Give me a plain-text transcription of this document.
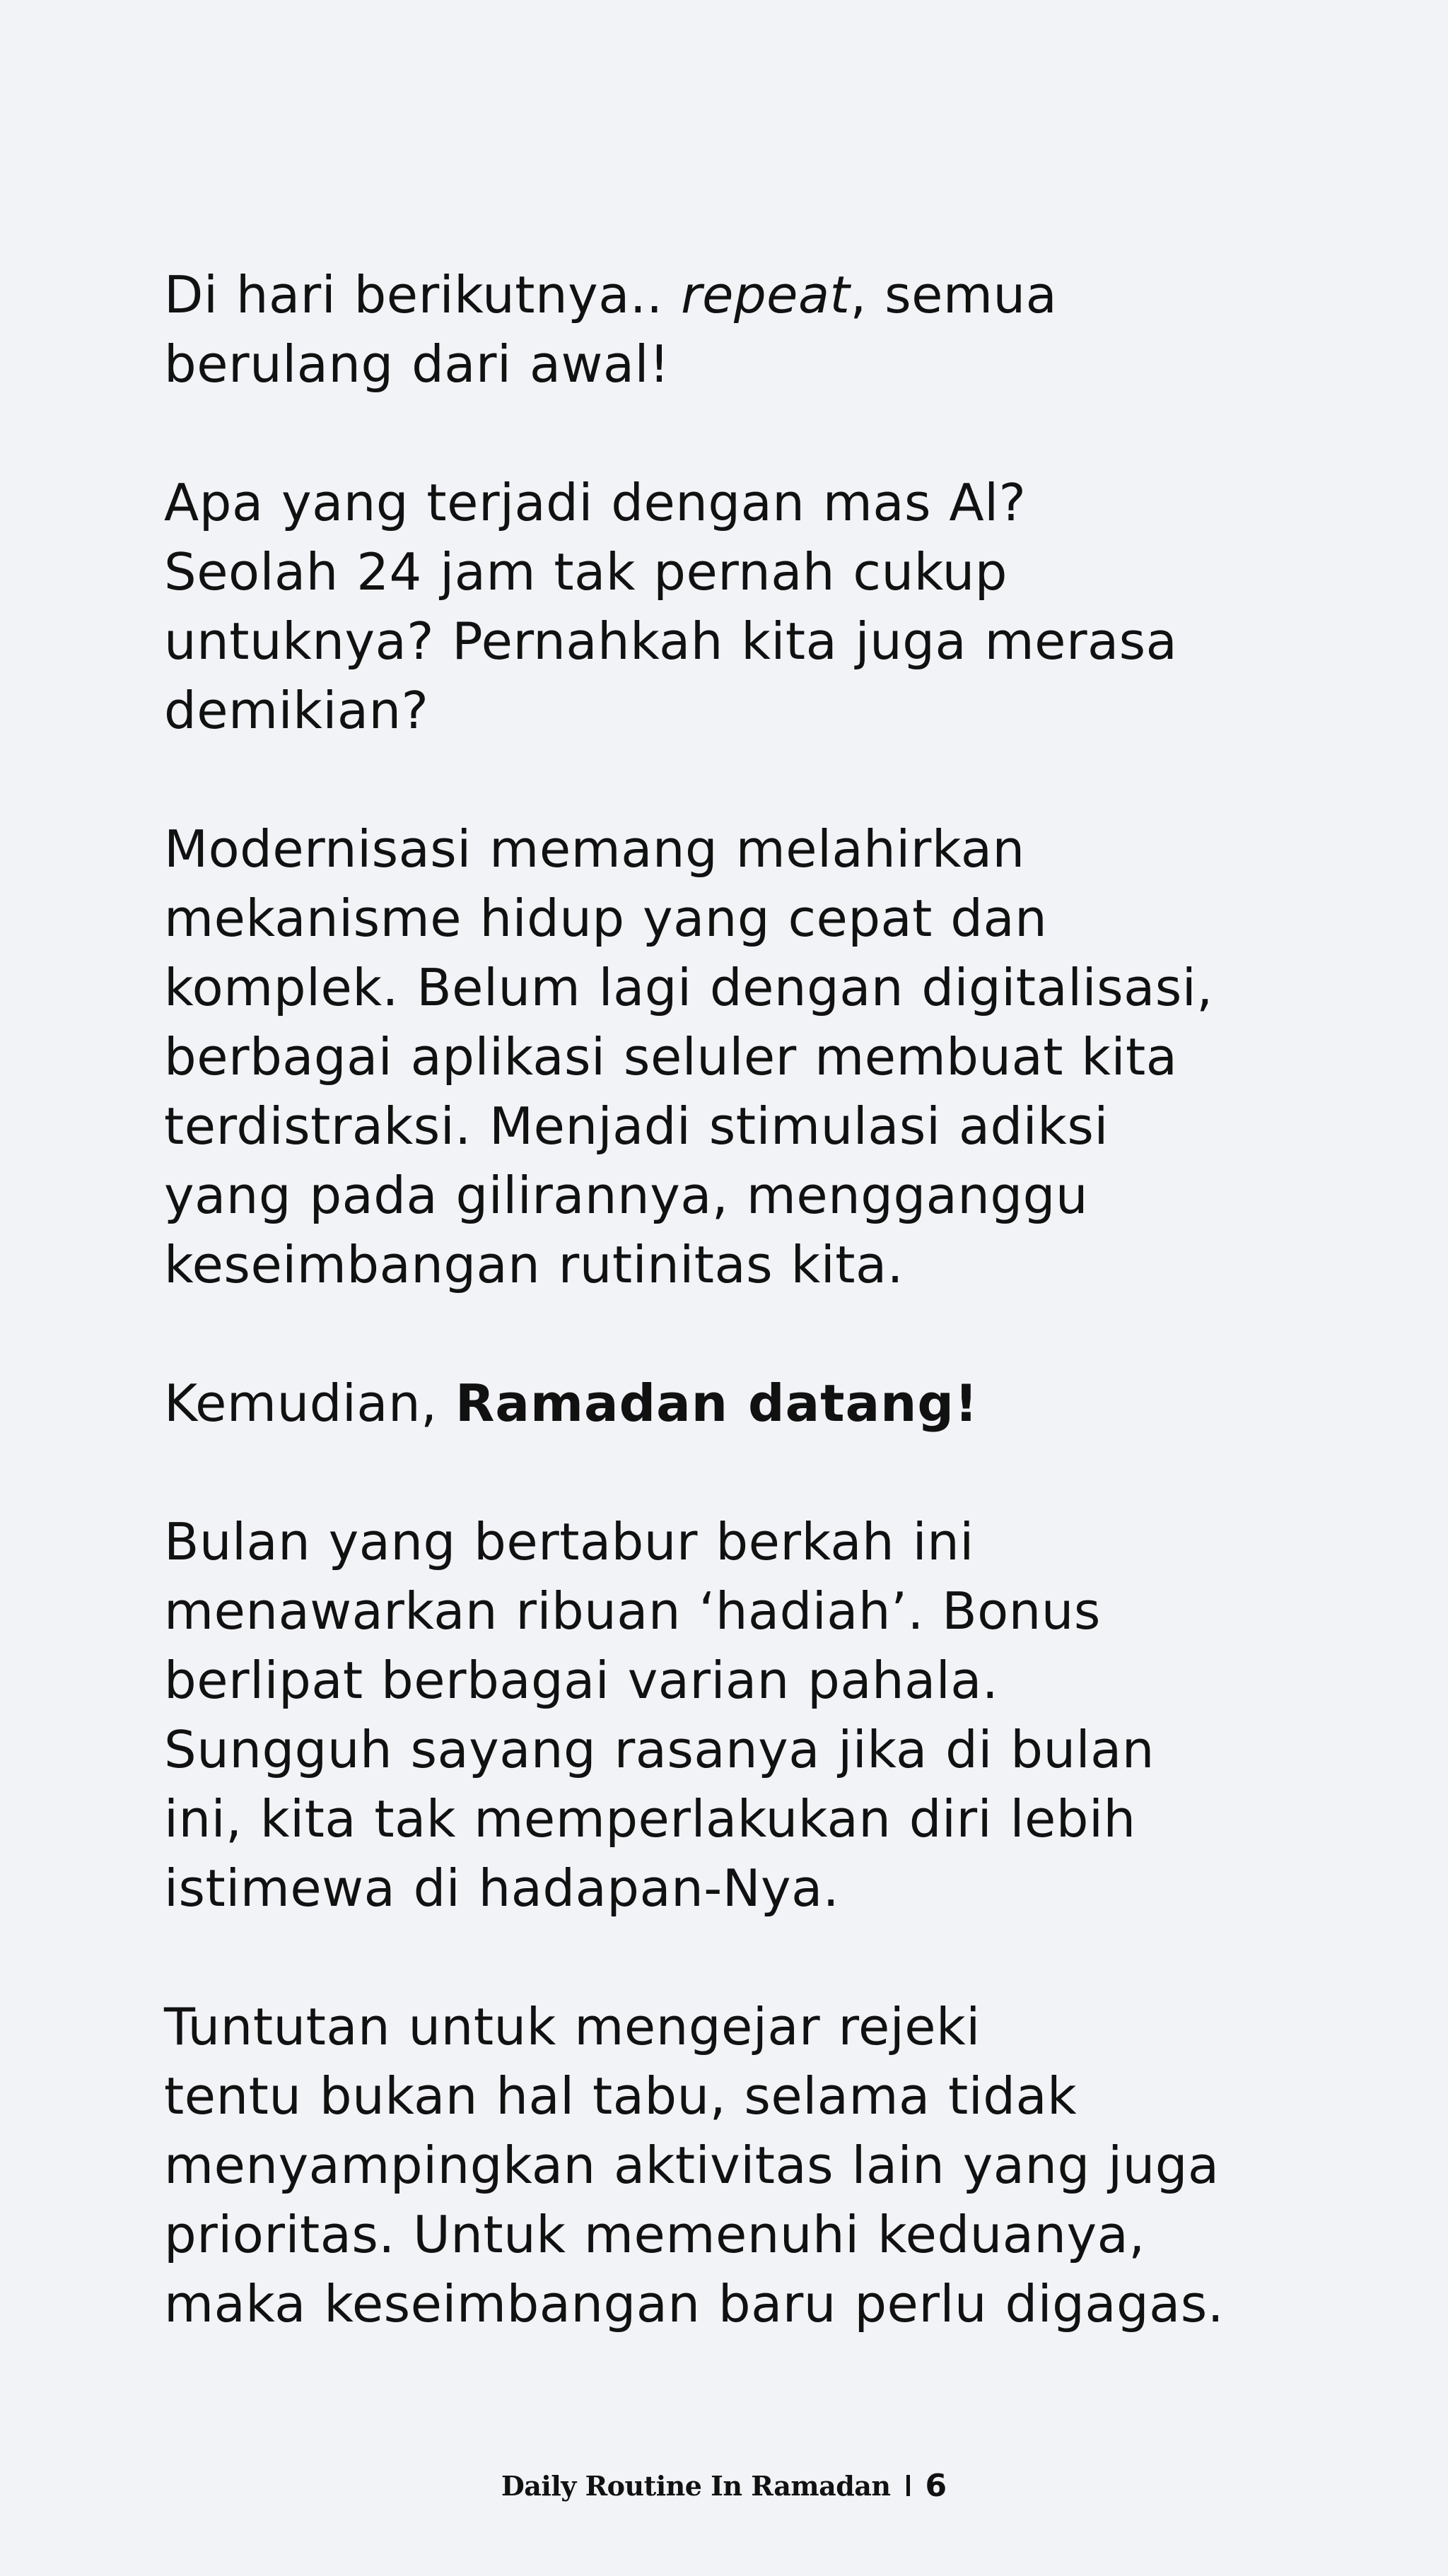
Di hari berikutnya.. repeat, semua
berulang dari awal!

Apa yang terjadi dengan mas Al?
Seolah 24 jam tak pernah cukup
untuknya? Pernahkah kita juga merasa
demikian?

Modernisasi memang melahirkan
mekanisme hidup yang cepat dan
komplek. Belum lagi dengan digitalisasi,
berbagai aplikasi seluler membuat kita
terdistraksi. Menjadi stimulasi adiksi
yang pada gilirannya, mengganggu
keseimbangan rutinitas kita.

Kemudian, Ramadan datang!

Bulan yang bertabur berkah ini
menawarkan ribuan ‘hadiah’. Bonus
berlipat berbagai varian pahala.
Sungguh sayang rasanya jika di bulan
ini, kita tak memperlakukan diri lebih
istimewa di hadapan-Nya.

Tuntutan untuk mengejar rejeki
tentu bukan hal tabu, selama tidak
menyampingkan aktivitas lain yang juga
prioritas. Untuk memenuhi keduanya,
maka keseimbangan baru perlu digagas.

Daily Routine In Ramadan 6
